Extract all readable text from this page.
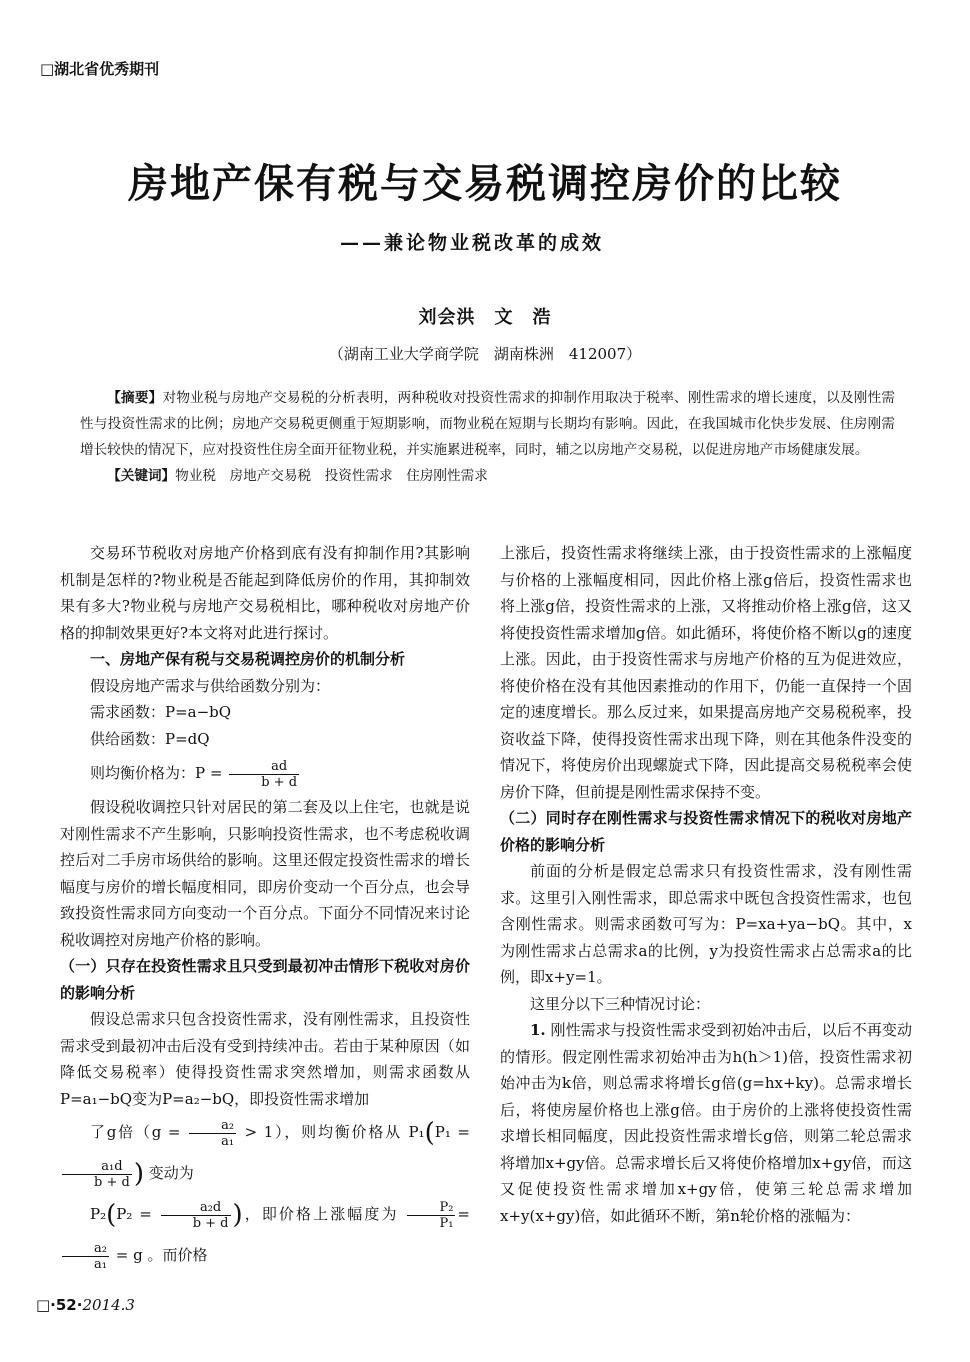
□湖北省优秀期刊
房地产保有税与交易税调控房价的比较
——兼论物业税改革的成效
刘会洪　文　浩
（湖南工业大学商学院　湖南株洲　412007）

【摘要】对物业税与房地产交易税的分析表明，两种税收对投资性需求的抑制作用取决于税率、刚性需求的增长速度，以及刚性需性与投资性需求的比例；房地产交易税更侧重于短期影响，而物业税在短期与长期均有影响。因此，在我国城市化快步发展、住房刚需增长较快的情况下，应对投资性住房全面开征物业税，并实施累进税率，同时，辅之以房地产交易税，以促进房地产市场健康发展。

【关键词】物业税　房地产交易税　投资性需求　住房刚性需求

交易环节税收对房地产价格到底有没有抑制作用?其影响机制是怎样的?物业税是否能起到降低房价的作用，其抑制效果有多大?物业税与房地产交易税相比，哪种税收对房地产价格的抑制效果更好?本文将对此进行探讨。

一、房地产保有税与交易税调控房价的机制分析

假设房地产需求与供给函数分别为：

需求函数：P=a−bQ

供给函数：P=dQ

则均衡价格为：$P = \frac{ad}{b + d}$

假设税收调控只针对居民的第二套及以上住宅，也就是说对刚性需求不产生影响，只影响投资性需求，也不考虑税收调控后对二手房市场供给的影响。这里还假定投资性需求的增长幅度与房价的增长幅度相同，即房价变动一个百分点，也会导致投资性需求同方向变动一个百分点。下面分不同情况来讨论税收调控对房地产价格的影响。

（一）只存在投资性需求且只受到最初冲击情形下税收对房价的影响分析

假设总需求只包含投资性需求，没有刚性需求，且投资性需求受到最初冲击后没有受到持续冲击。若由于某种原因（如降低交易税率）使得投资性需求突然增加，则需求函数从P=a₁−bQ变为P=a₂−bQ，即投资性需求增加

了g倍$(g = \frac{\text{a₂}}{\text{a₁}} > 1)$，则均衡价格从 P₁(P₁ =
$\frac{\text{a₁d}}{b + d}$ ) 变动为

$P_2(P_2 = \frac{\text{a₂d}}{b + d}$ )，即价格上涨幅度为 $\frac{\text{P₂}}{\text{P₁}}$ =
$\frac{\text{a₂}}{\text{a₁}} = g$ 。而价格

上涨后，投资性需求将继续上涨，由于投资性需求的上涨幅度与价格的上涨幅度相同，因此价格上涨g倍后，投资性需求也将上涨g倍，投资性需求的上涨，又将推动价格上涨g倍，这又将使投资性需求增加g倍。如此循环，将使价格不断以g的速度上涨。因此，由于投资性需求与房地产价格的互为促进效应，将使价格在没有其他因素推动的作用下，仍能一直保持一个固定的速度增长。那么反过来，如果提高房地产交易税税率，投资收益下降，使得投资性需求出现下降，则在其他条件没变的情况下，将使房价出现螺旋式下降，因此提高交易税税率会使房价下降，但前提是刚性需求保持不变。

（二）同时存在刚性需求与投资性需求情况下的税收对房地产价格的影响分析

前面的分析是假定总需求只有投资性需求，没有刚性需求。这里引入刚性需求，即总需求中既包含投资性需求，也包含刚性需求。则需求函数可写为：P=xa+ya−bQ。其中，x为刚性需求占总需求a的比例，y为投资性需求占总需求a的比例，即x+y=1。

这里分以下三种情况讨论：

1. 刚性需求与投资性需求受到初始冲击后，以后不再变动的情形。假定刚性需求初始冲击为h(h＞1)倍，投资性需求初始冲击为k倍，则总需求将增长g倍(g=hx+ky)。总需求增长后，将使房屋价格也上涨g倍。由于房价的上涨将使投资性需求增长相同幅度，因此投资性需求增长g倍，则第二轮总需求将增加x+gy倍。总需求增长后又将使价格增加x+gy倍，而这又促使投资性需求增加x+gy倍，使第三轮总需求增加x+y(x+gy)倍，如此循环不断，第n轮价格的涨幅为：

□·52·2014.3
